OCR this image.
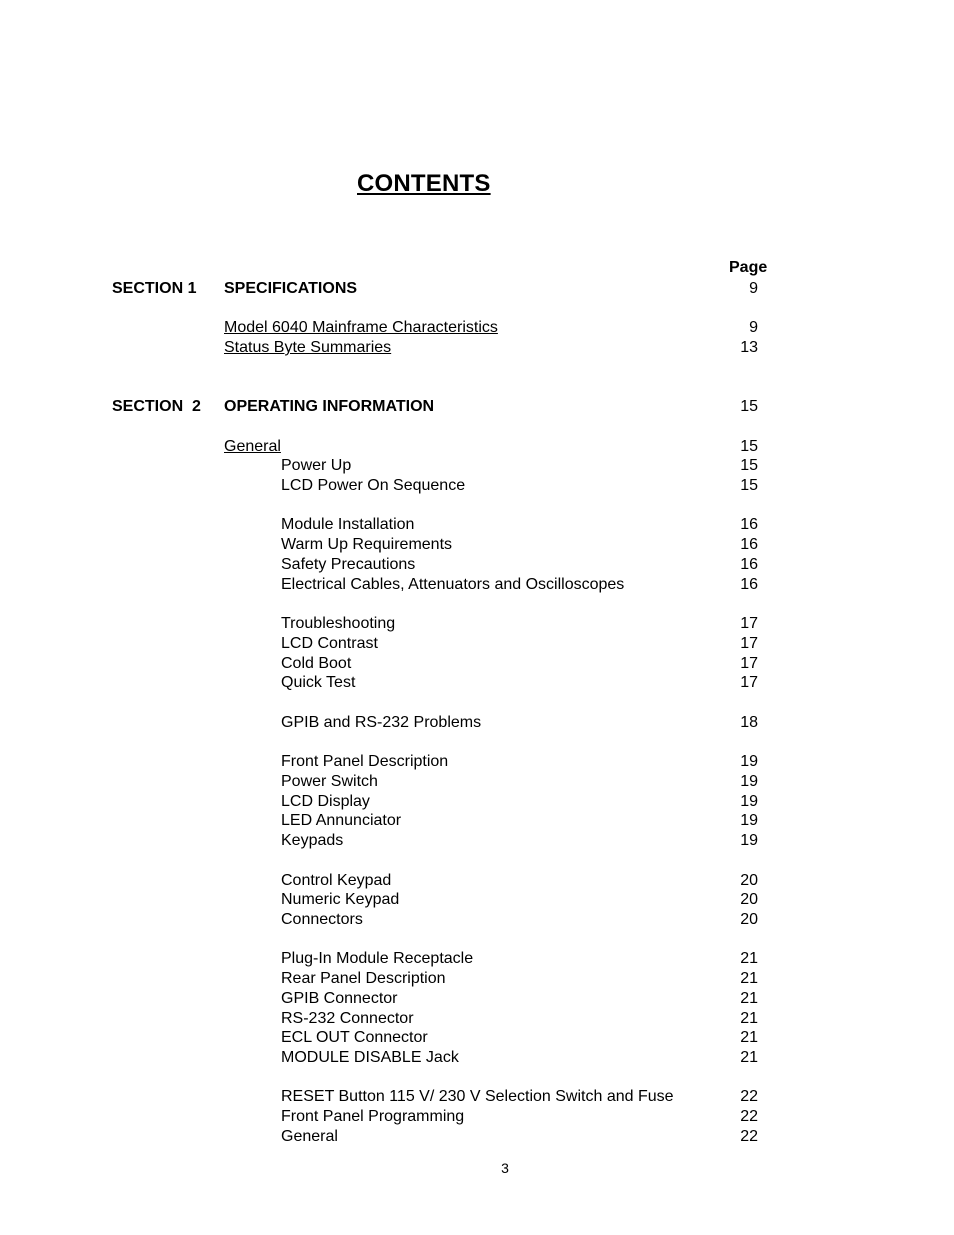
CONTENTS
Page
SECTION 1 SPECIFICATIONS	9
Model 6040 Mainframe Characteristics	9
Status Byte Summaries	13
SECTION  2 OPERATING INFORMATION	15
General	15
Power Up	15
LCD Power On Sequence	15
Module Installation	16
Warm Up Requirements	16
Safety Precautions	16
Electrical Cables, Attenuators and Oscilloscopes	16
Troubleshooting	17
LCD Contrast	17
Cold Boot	17
Quick Test	17
GPIB and RS-232 Problems	18
Front Panel Description	19
Power Switch	19
LCD Display	19
LED Annunciator	19
Keypads	19
Control Keypad	20
Numeric Keypad	20
Connectors	20
Plug-In Module Receptacle	21
Rear Panel Description	21
GPIB Connector	21
RS-232 Connector	21
ECL OUT Connector	21
MODULE DISABLE Jack	21
RESET Button 115 V/ 230 V Selection Switch and Fuse	22
Front Panel Programming	22
General	22
3
